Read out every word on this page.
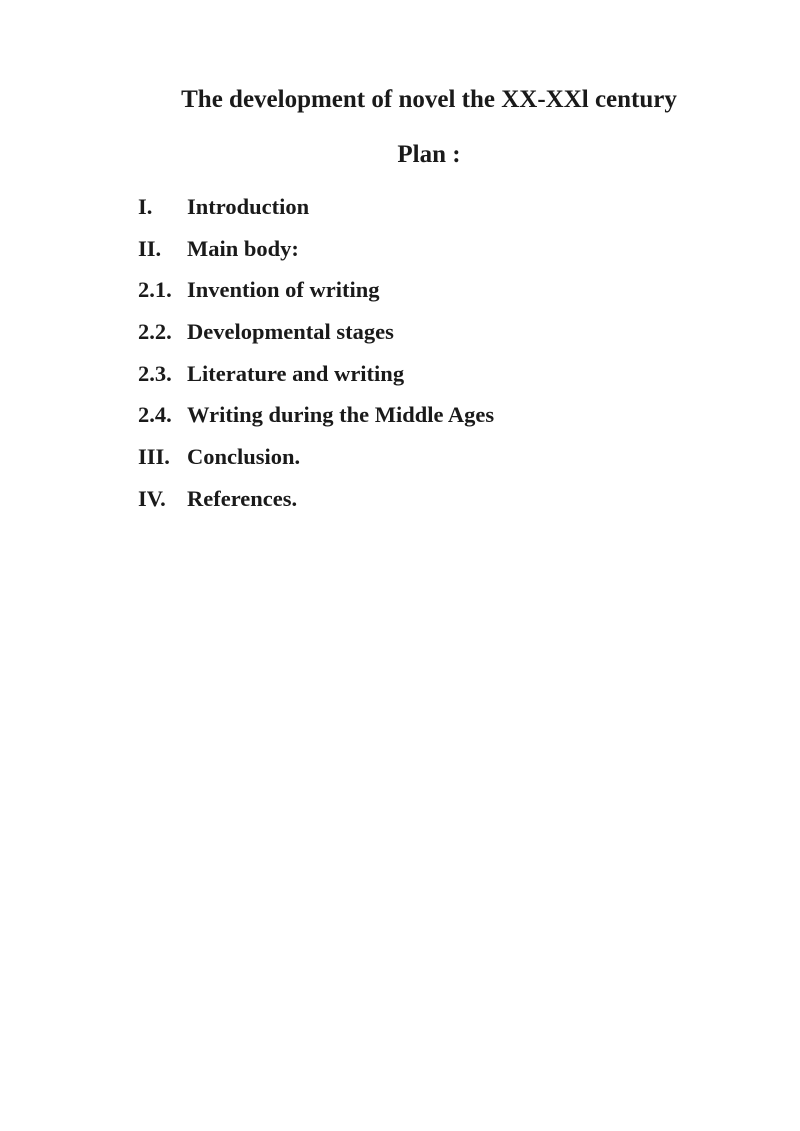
The development of novel the XX-XXl century
Plan :
I.	Introduction
II.	Main body:
2.1. Invention of writing
2.2. Developmental stages
2.3. Literature and writing
2.4. Writing during the Middle Ages
III. Conclusion.
IV. References.
